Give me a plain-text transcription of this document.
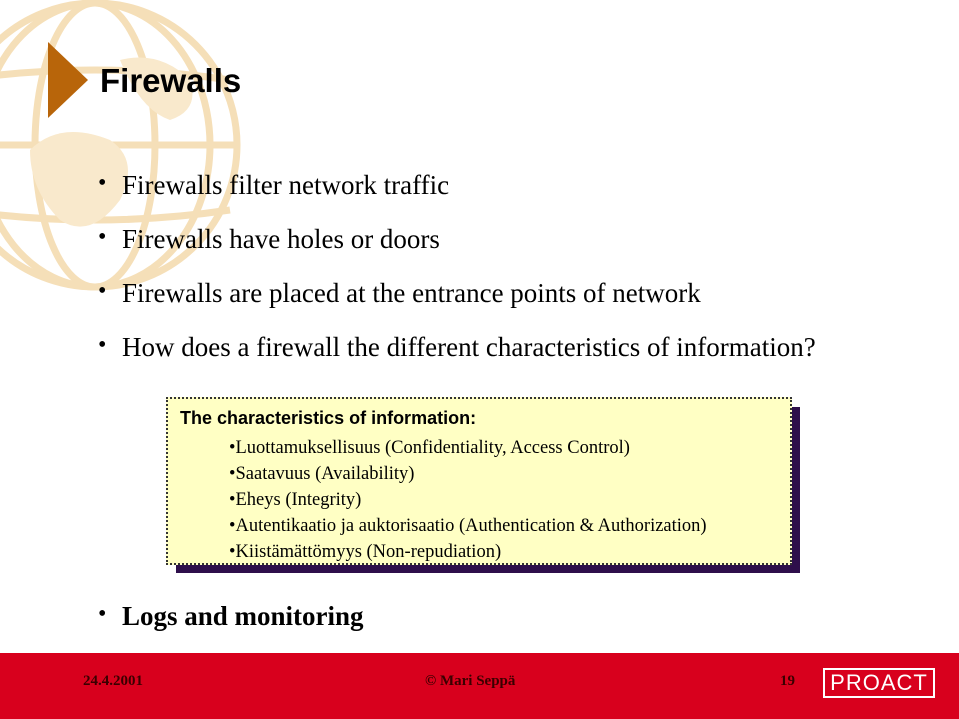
Firewalls
• Firewalls filter network traffic
• Firewalls have holes or doors
• Firewalls are placed at the entrance points of network
• How does a firewall the different characteristics of information?

The characteristics of information:

•Luottamuksellisuus (Confidentiality, Access Control)
•Saatavuus (Availability)
•Eheys (Integrity)
•Autentikaatio ja auktorisaatio (Authentication & Authorization)
•Kiistämättömyys (Non-repudiation)

• Logs and monitoring

24.4.2001	© Mari Seppä	19	PROACT
